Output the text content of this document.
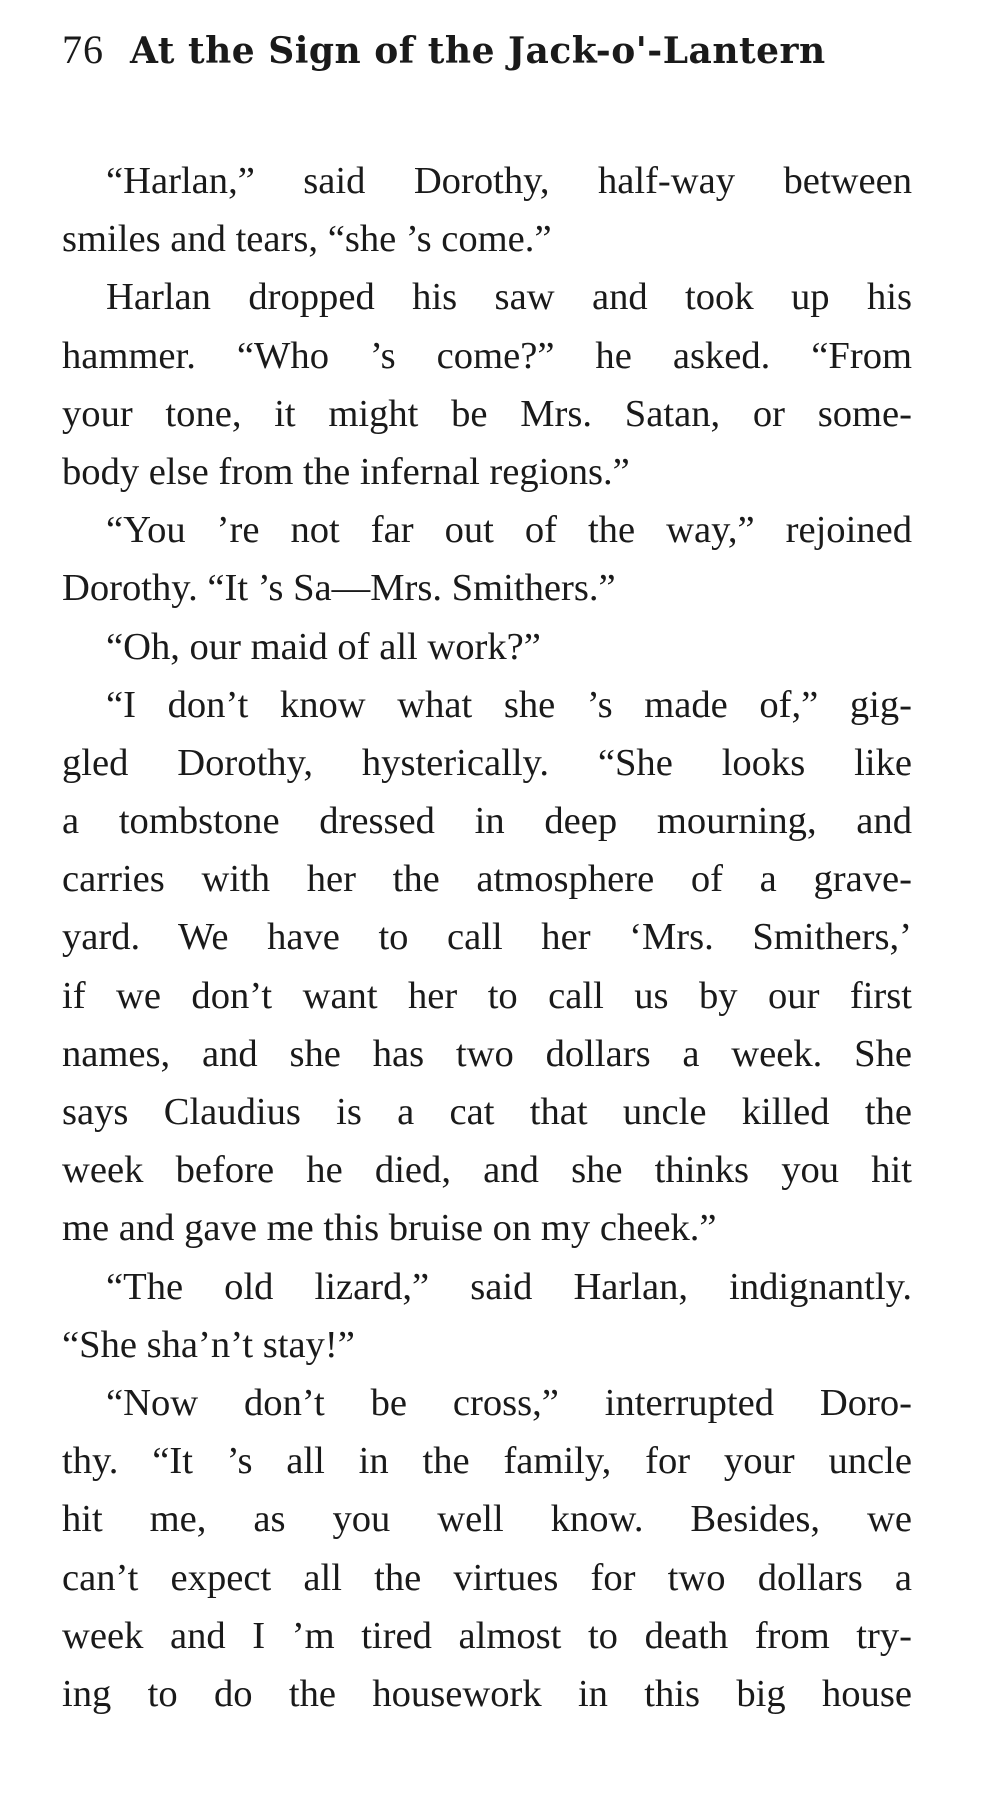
76 At the Sign of the Jack-o'-Lantern
“Harlan,” said Dorothy, half-way between
smiles and tears, “she ’s come.”
Harlan dropped his saw and took up his
hammer. “Who ’s come?” he asked. “From
your tone, it might be Mrs. Satan, or some-
body else from the infernal regions.”
“You ’re not far out of the way,” rejoined
Dorothy. “It ’s Sa—Mrs. Smithers.”
“Oh, our maid of all work?”
“I don’t know what she ’s made of,” gig-
gled Dorothy, hysterically. “She looks like
a tombstone dressed in deep mourning, and
carries with her the atmosphere of a grave-
yard. We have to call her ‘Mrs. Smithers,’
if we don’t want her to call us by our first
names, and she has two dollars a week. She
says Claudius is a cat that uncle killed the
week before he died, and she thinks you hit
me and gave me this bruise on my cheek.”
“The old lizard,” said Harlan, indignantly.
“She sha’n’t stay!”
“Now don’t be cross,” interrupted Doro-
thy. “It ’s all in the family, for your uncle
hit me, as you well know. Besides, we
can’t expect all the virtues for two dollars a
week and I ’m tired almost to death from try-
ing to do the housework in this big house
